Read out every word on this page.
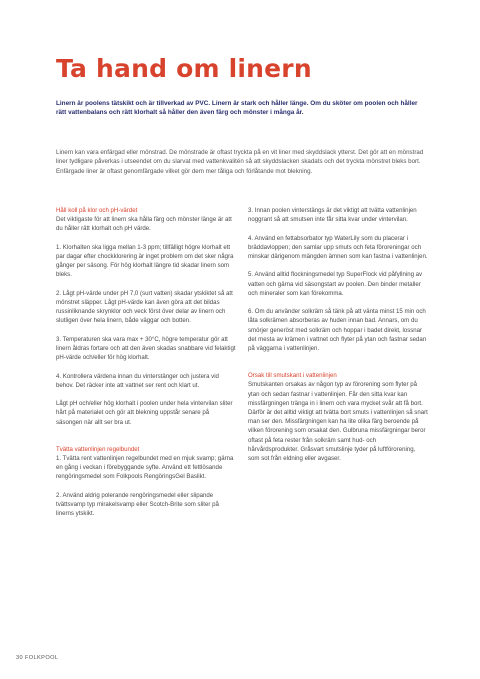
Ta hand om linern
Linern är poolens tätskikt och är tillverkad av PVC. Linern är stark och håller länge. Om du sköter om poolen och håller rätt vattenbalans och rätt klorhalt så håller den även färg och mönster i många år.
Linern kan vara enfärgad eller mönstrad. De mönstrade är oftast tryckta på en vit liner med skyddslack ytterst. Det gör att en mönstrad liner tydligare påverkas i utseendet om du slarvat med vattenkvalitén så att skyddslacken skadats och det tryckta mönstret bleks bort. Enfärgade liner är oftast genomfärgade vilket gör dem mer tåliga och förlåtande mot blekning.

Håll koll på klor och pH-värdet

Det viktigaste för att linern ska hålla färg och mönster länge är att du håller rätt klorhalt och pH värde.

1. Klorhalten ska ligga mellan 1-3 ppm; tillfälligt högre klorhalt ett par dagar efter chockklorering är inget problem om det sker några gånger per säsong. För hög klorhalt längre tid skadar linern som bleks.

2. Lågt pH-värde under pH 7,0 (surt vatten) skadar ytskiktet så att mönstret släpper. Lågt pH-värde kan även göra att det bildas russinliknande skrynklor och veck först över delar av linern och slutligen över hela linern, både väggar och botten.

3. Temperaturen ska vara max + 30°C, högre temperatur gör att linern åldras fortare och att den även skadas snabbare vid felaktigt pH-värde och/eller för hög klorhalt.

4. Kontrollera värdena innan du vinterstänger och justera vid behov. Det räcker inte att vattnet ser rent och klart ut.

Lågt pH och/eller hög klorhalt i poolen under hela vintervilan sliter hårt på materialet och gör att blekning uppstår senare på säsongen när allt ser bra ut.

Tvätta vattenlinjen regelbundet

1. Tvätta rent vattenlinjen regelbundet med en mjuk svamp; gärna en gång i veckan i förebyggande syfte. Använd ett fettlösande rengöringsmedel som Folkpools RengöringsGel Baslikt.

2. Använd aldrig polerande rengöringsmedel eller slipande tvättsvamp typ mirakelsvamp eller Scotch-Brite som sliter på linerns ytskikt.

3. Innan poolen vinterstängs är det viktigt att tvätta vattenlinjen noggrant så att smutsen inte får sitta kvar under vintervilan.

4. Använd en fettabsorbator typ WaterLily som du placerar i bräddavloppen; den samlar upp smuts och feta föroreningar och minskar därigenom mängden ämnen som kan fastna i vattenlinjen.

5. Använd alltid flockningsmedel typ SuperFlock vid påfyllning av vatten och gärna vid säsongstart av poolen. Den binder metaller och mineraler som kan förekomma.

6. Om du använder solkräm så tänk på att vänta minst 15 min och låta solkrämen absorberas av huden innan bad. Annars, om du smörjer generöst med solkräm och hoppar i badet direkt, lossnar det mesta av krämen i vattnet och flyter på ytan och fastnar sedan på väggarna i vattenlinjen.

Orsak till smutskant i vattenlinjen

Smutskanten orsakas av någon typ av förorening som flyter på ytan och sedan fastnar i vattenlinjen. Får den sitta kvar kan missfärgningen tränga in i linern och vara mycket svår att få bort. Därför är det alltid viktigt att tvätta bort smuts i vattenlinjen så snart man ser den. Missfärgningen kan ha lite olika färg beroende på vilken förorening som orsakat den. Gulbruna missfärgningar beror oftast på feta rester från solkräm samt hud- och hårvårdsprodukter. Gråsvart smutslinje tyder på luftförorening, som sot från eldning eller avgaser.

30 FOLKPOOL
